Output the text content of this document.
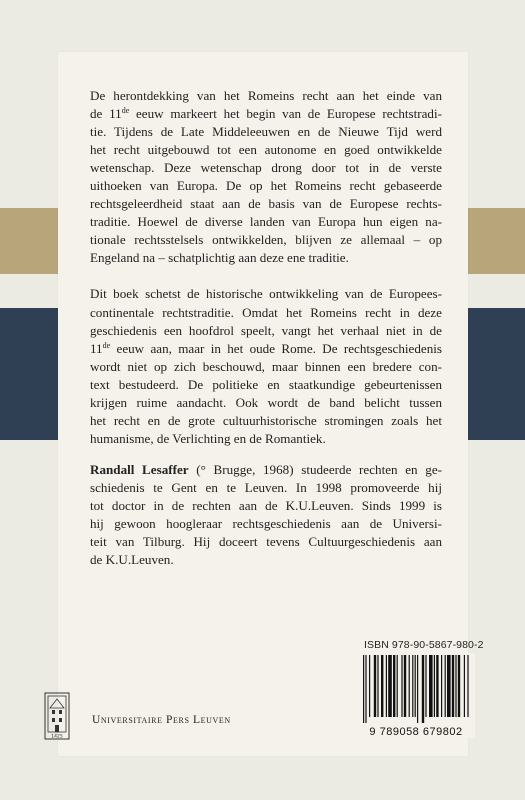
De herontdekking van het Romeins recht aan het einde van
de 11de eeuw markeert het begin van de Europese rechtstradi-
tie. Tijdens de Late Middeleeuwen en de Nieuwe Tijd werd
het recht uitgebouwd tot een autonome en goed ontwikkelde
wetenschap. Deze wetenschap drong door tot in de verste
uithoeken van Europa. De op het Romeins recht gebaseerde
rechtsgeleerdheid staat aan de basis van de Europese rechts-
traditie. Hoewel de diverse landen van Europa hun eigen na-
tionale rechtsstelsels ontwikkelden, blijven ze allemaal – op
Engeland na – schatplichtig aan deze ene traditie.

Dit boek schetst de historische ontwikkeling van de Europees-
continentale rechtstraditie. Omdat het Romeins recht in deze
geschiedenis een hoofdrol speelt, vangt het verhaal niet in de
11de eeuw aan, maar in het oude Rome. De rechtsgeschiedenis
wordt niet op zich beschouwd, maar binnen een bredere con-
text bestudeerd. De politieke en staatkundige gebeurtenissen
krijgen ruime aandacht. Ook wordt de band belicht tussen
het recht en de grote cultuurhistorische stromingen zoals het
humanisme, de Verlichting en de Romantiek.

Randall Lesaffer (° Brugge, 1968) studeerde rechten en ge-
schiedenis te Gent en te Leuven. In 1998 promoveerde hij
tot doctor in de rechten aan de K.U.Leuven. Sinds 1999 is
hij gewoon hoogleraar rechtsgeschiedenis aan de Universi-
teit van Tilburg. Hij doceert tevens Cultuurgeschiedenis aan
de K.U.Leuven.

ISBN 978-90-5867-980-2
9 789058 679802
1425
Universitaire Pers Leuven
